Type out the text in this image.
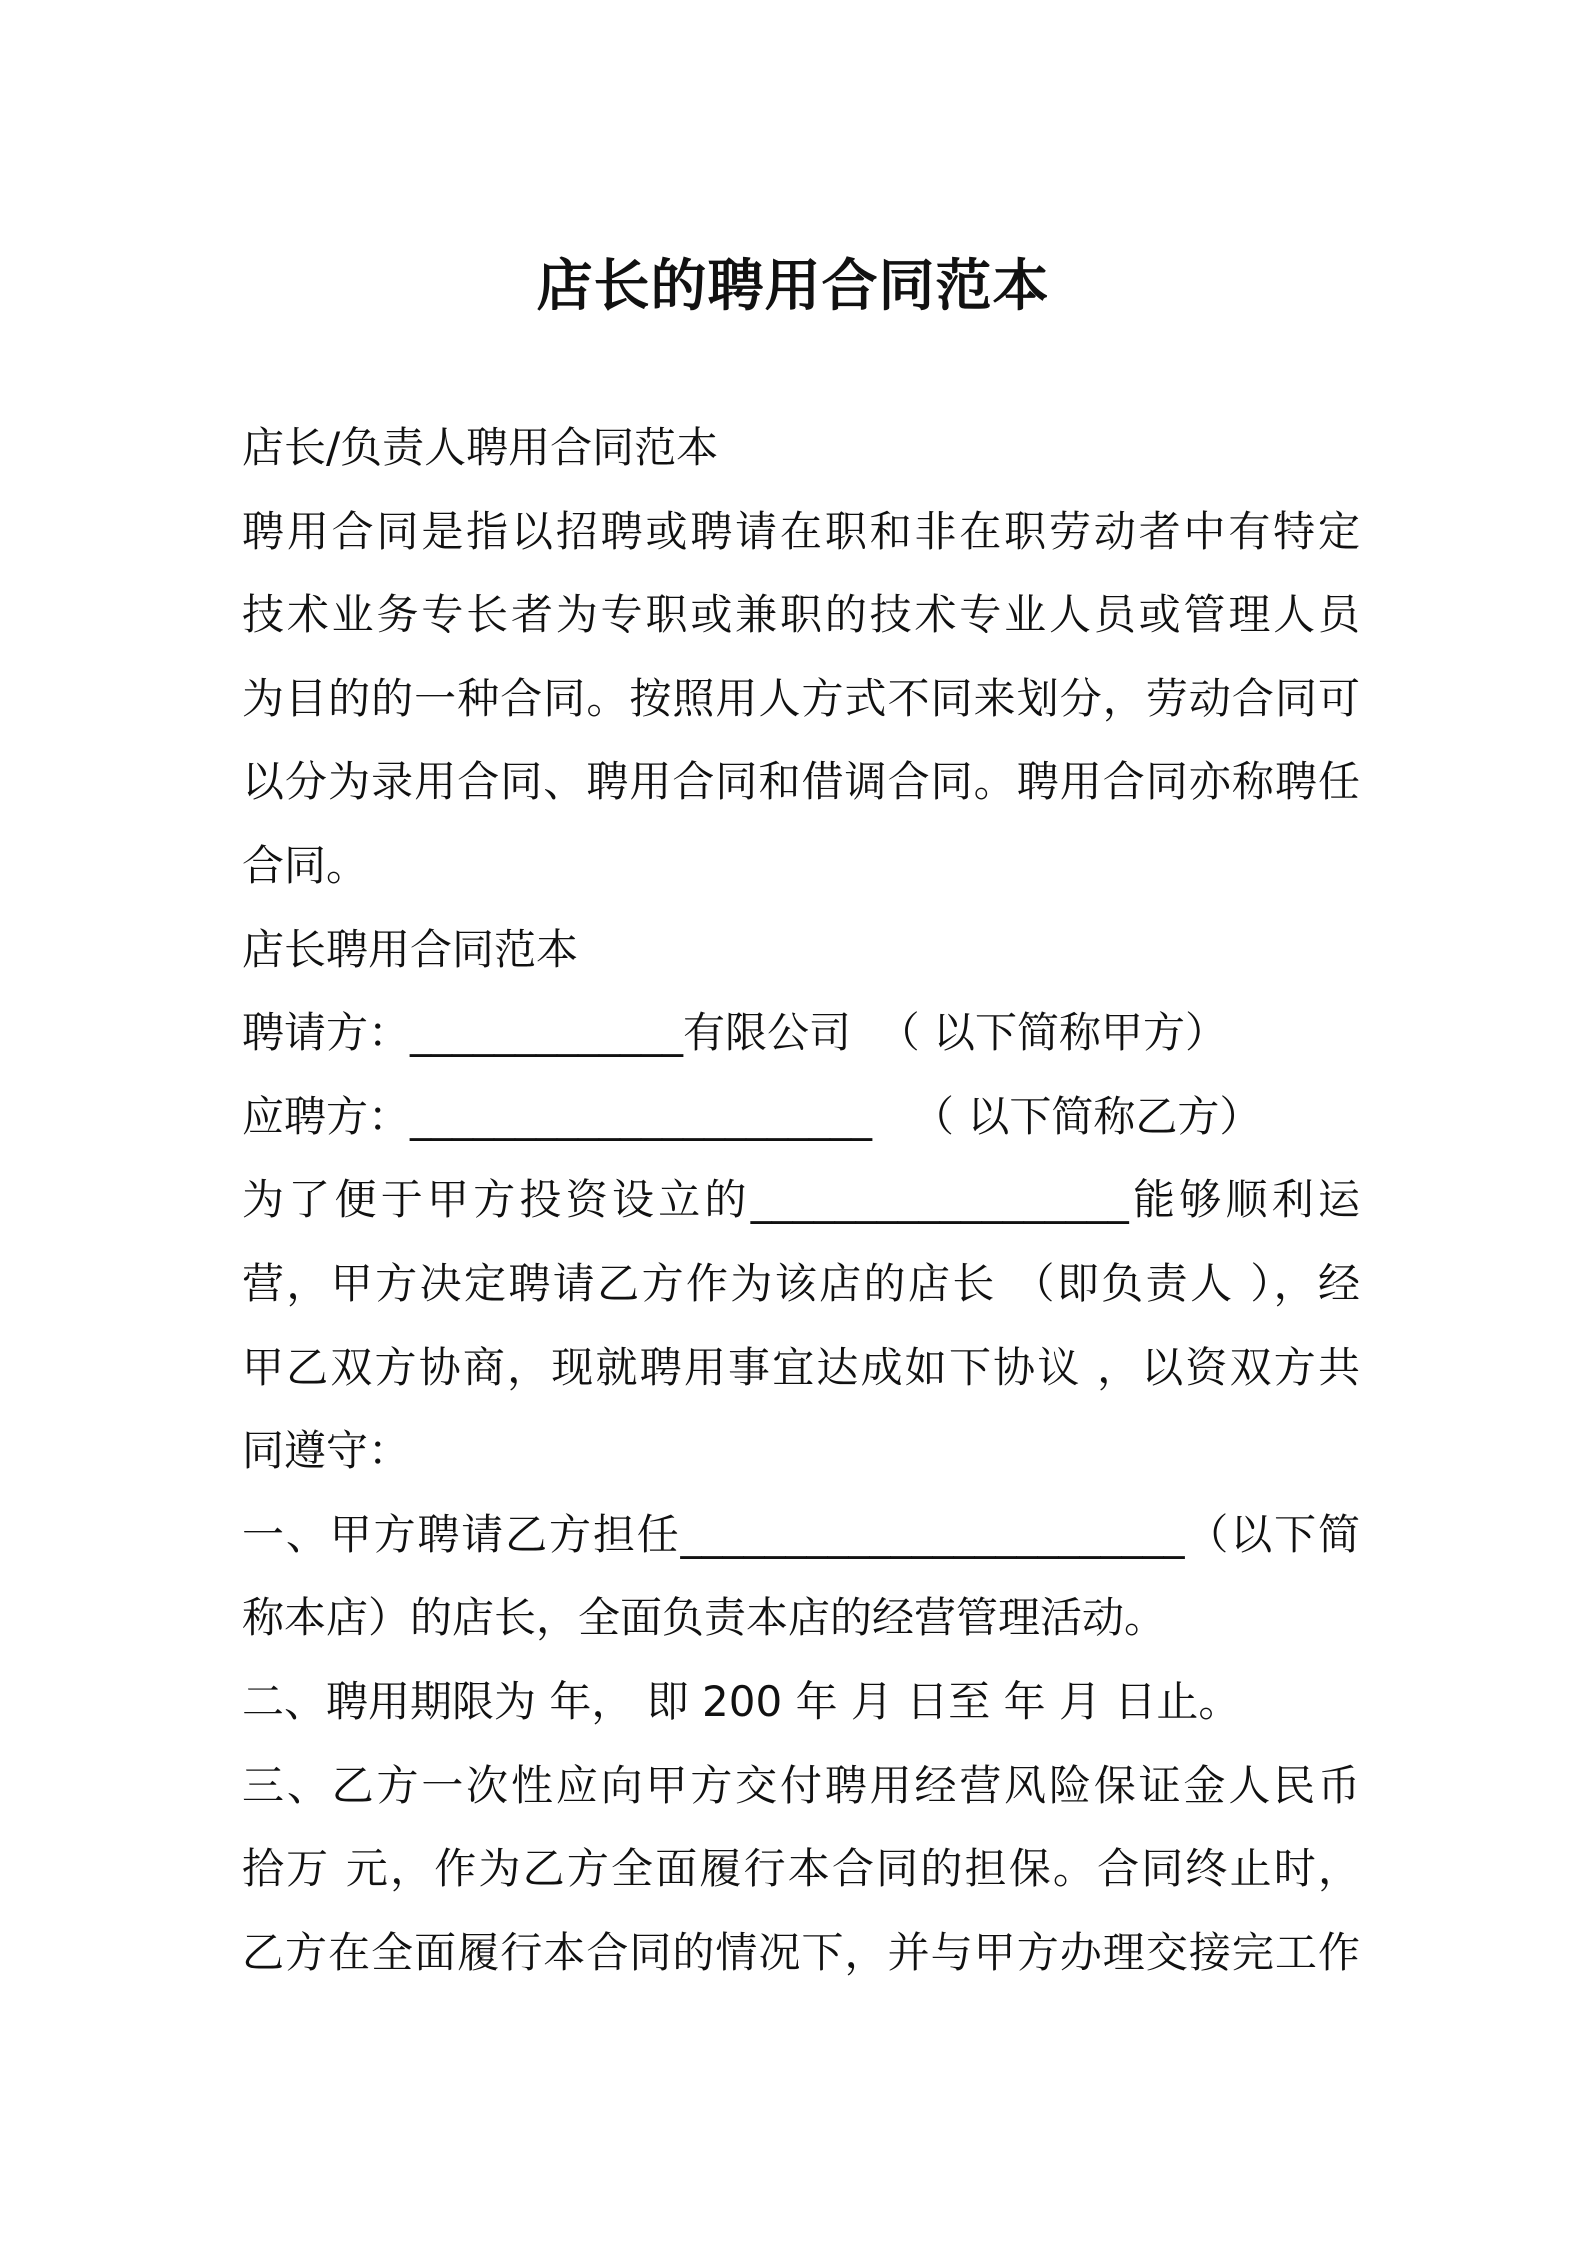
店长的聘用合同范本

店长/负责人聘用合同范本

聘用合同是指以招聘或聘请在职和非在职劳动者中有特定

技术业务专长者为专职或兼职的技术专业人员或管理人员

为目的的一种合同。按照用人方式不同来划分，劳动合同可

以分为录用合同、聘用合同和借调合同。聘用合同亦称聘任

合同。

店长聘用合同范本

聘请方：_____________有限公司  （ 以下简称甲方）

应聘方：______________________   （ 以下简称乙方）

为了便于甲方投资设立的__________________能够顺利运

营，甲方决定聘请乙方作为该店的店长 （即负责人 ），经

甲乙双方协商，现就聘用事宜达成如下协议 ，以资双方共

同遵守：

一、甲方聘请乙方担任________________________（以下简

称本店）的店长，全面负责本店的经营管理活动。

二、聘用期限为 年， 即 200 年 月 日至 年 月 日止。

三、乙方一次性应向甲方交付聘用经营风险保证金人民币

拾万 元，作为乙方全面履行本合同的担保。合同终止时，

乙方在全面履行本合同的情况下，并与甲方办理交接完工作
